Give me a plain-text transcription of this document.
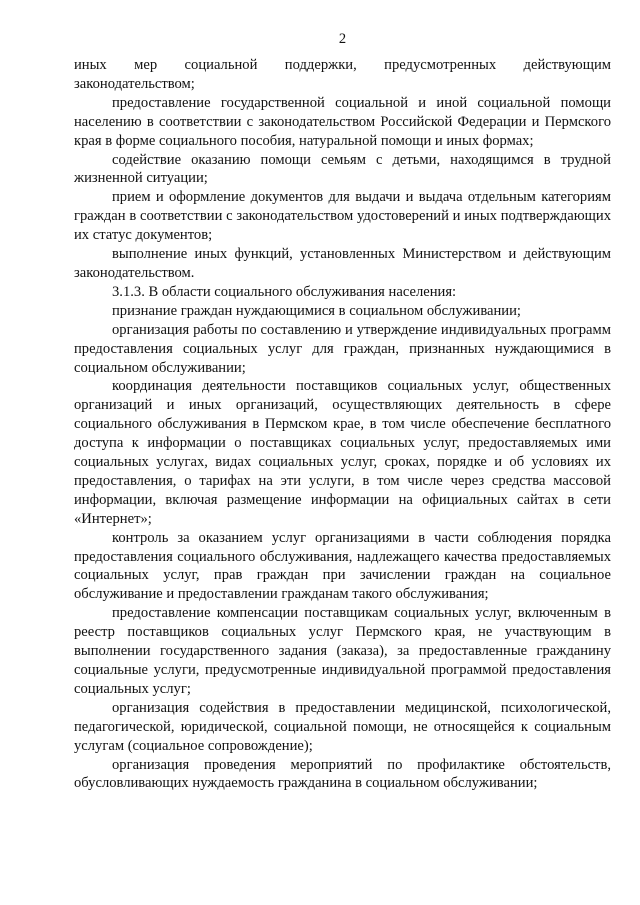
2

иных мер социальной поддержки, предусмотренных действующим законодательством;

предоставление государственной социальной и иной социальной помощи населению в соответствии с законодательством Российской Федерации и Пермского края в форме социального пособия, натуральной помощи и иных формах;

содействие оказанию помощи семьям с детьми, находящимся в трудной жизненной ситуации;

прием и оформление документов для выдачи и выдача отдельным категориям граждан в соответствии с законодательством удостоверений и иных подтверждающих их статус документов;

выполнение иных функций, установленных Министерством и действующим законодательством.

3.1.3. В области социального обслуживания населения:

признание граждан нуждающимися в социальном обслуживании;

организация работы по составлению и утверждение индивидуальных программ предоставления социальных услуг для граждан, признанных нуждающимися в социальном обслуживании;

координация деятельности поставщиков социальных услуг, общественных организаций и иных организаций, осуществляющих деятельность в сфере социального обслуживания в Пермском крае, в том числе обеспечение бесплатного доступа к информации о поставщиках социальных услуг, предоставляемых ими социальных услугах, видах социальных услуг, сроках, порядке и об условиях их предоставления, о тарифах на эти услуги, в том числе через средства массовой информации, включая размещение информации на официальных сайтах в сети «Интернет»;

контроль за оказанием услуг организациями в части соблюдения порядка предоставления социального обслуживания, надлежащего качества предоставляемых социальных услуг, прав граждан при зачислении граждан на социальное обслуживание и предоставлении гражданам такого обслуживания;

предоставление компенсации поставщикам социальных услуг, включенным в реестр поставщиков социальных услуг Пермского края, не участвующим в выполнении государственного задания (заказа), за предоставленные гражданину социальные услуги, предусмотренные индивидуальной программой предоставления социальных услуг;

организация содействия в предоставлении медицинской, психологической, педагогической, юридической, социальной помощи, не относящейся к социальным услугам (социальное сопровождение);

организация проведения мероприятий по профилактике обстоятельств, обусловливающих нуждаемость гражданина в социальном обслуживании;
